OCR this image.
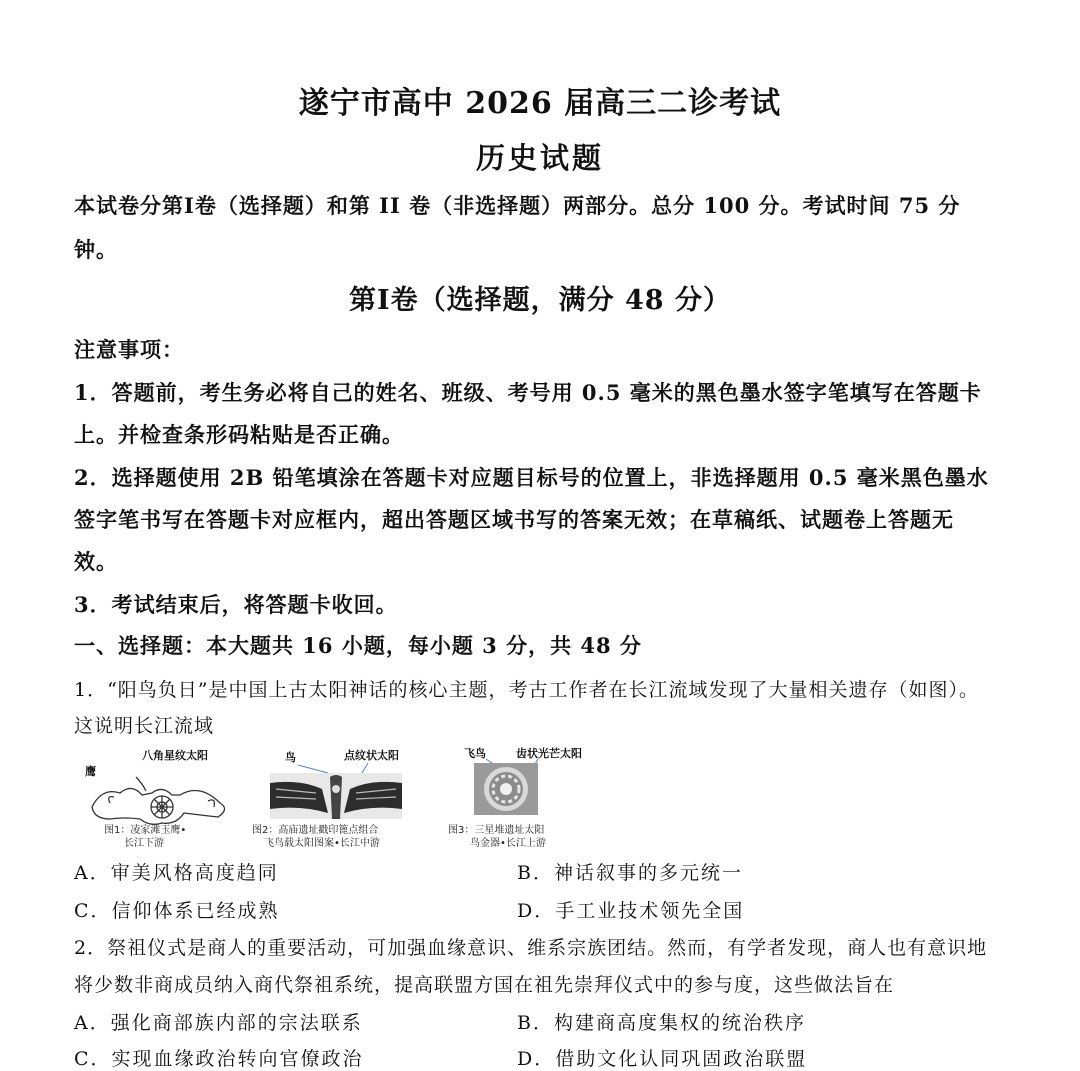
遂宁市高中 2026 届高三二诊考试
历史试题
本试卷分第Ⅰ卷（选择题）和第 II 卷（非选择题）两部分。总分 100 分。考试时间 75 分
钟。
第Ⅰ卷（选择题，满分 48 分）
注意事项：
1．答题前，考生务必将自己的姓名、班级、考号用 0.5 毫米的黑色墨水签字笔填写在答题卡
上。并检查条形码粘贴是否正确。
2．选择题使用 2B 铅笔填涂在答题卡对应题目标号的位置上，非选择题用 0.5 毫米黑色墨水
签字笔书写在答题卡对应框内，超出答题区域书写的答案无效；在草稿纸、试题卷上答题无
效。
3．考试结束后，将答题卡收回。
一、选择题：本大题共 16 小题，每小题 3 分，共 48 分
1．“阳鸟负日”是中国上古太阳神话的核心主题，考古工作者在长江流域发现了大量相关遗存（如图）。
这说明长江流域
八角星纹太阳
鹰
图1：凌家滩玉鹰•
长江下游
鸟	点纹状太阳
图2：高庙遗址戳印篦点组合
飞鸟载太阳图案•长江中游
飞鸟	齿状光芒太阳
图3：三星堆遗址太阳
鸟金器•长江上游
A．审美风格高度趋同	B．神话叙事的多元统一
C．信仰体系已经成熟	D．手工业技术领先全国
2．祭祖仪式是商人的重要活动，可加强血缘意识、维系宗族团结。然而，有学者发现，商人也有意识地
将少数非商成员纳入商代祭祖系统，提高联盟方国在祖先崇拜仪式中的参与度，这些做法旨在
A．强化商部族内部的宗法联系	B．构建商高度集权的统治秩序
C．实现血缘政治转向官僚政治	D．借助文化认同巩固政治联盟
